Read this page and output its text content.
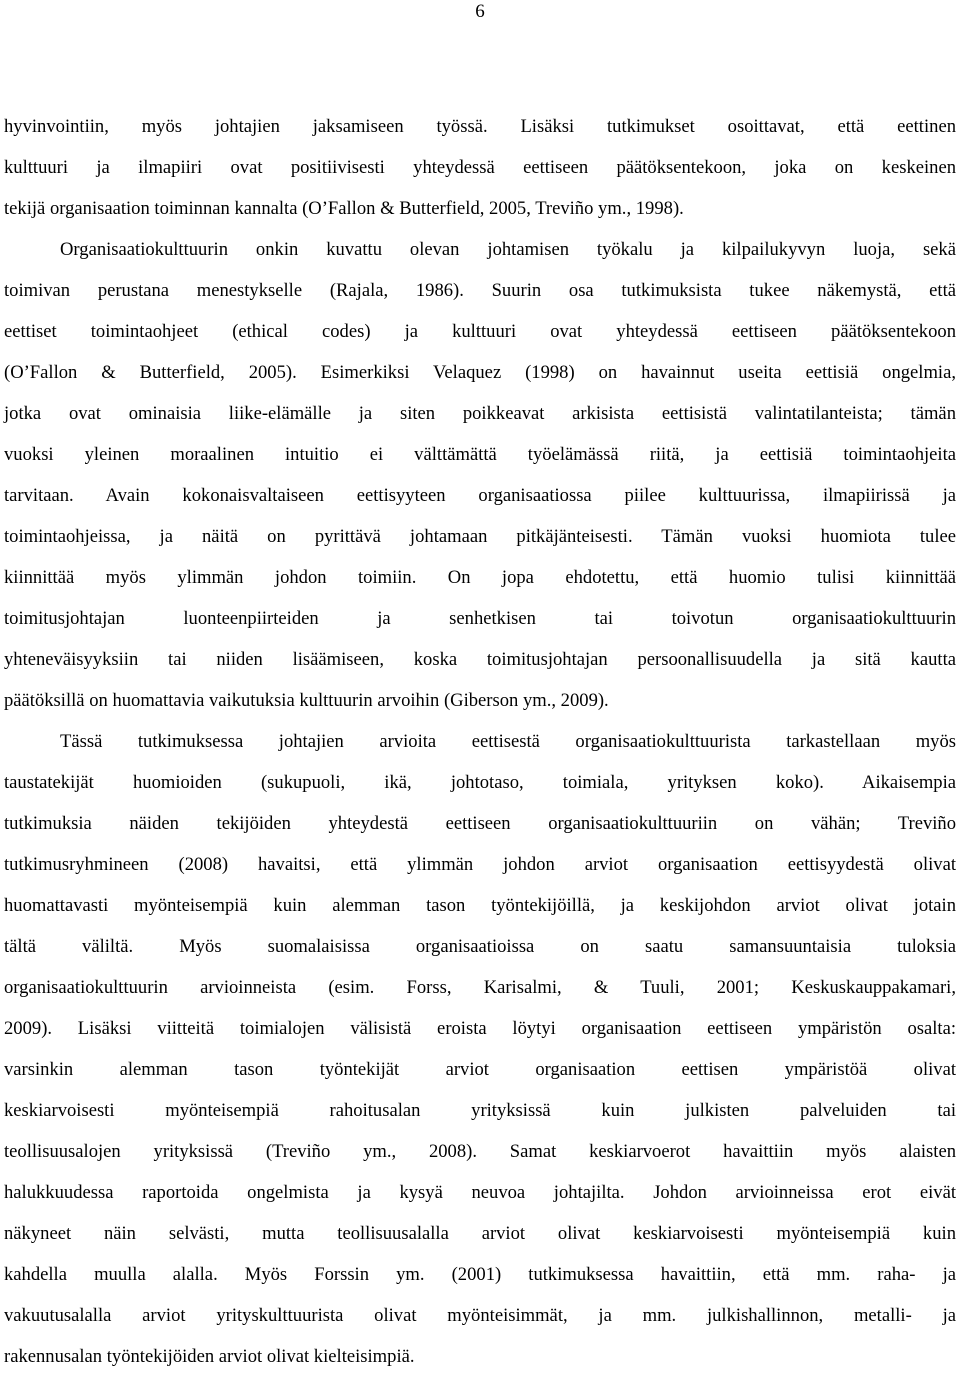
6
hyvinvointiin, myös johtajien jaksamiseen työssä. Lisäksi tutkimukset osoittavat, että eettinen
kulttuuri ja ilmapiiri ovat positiivisesti yhteydessä eettiseen päätöksentekoon, joka on keskeinen
tekijä organisaation toiminnan kannalta (O’Fallon & Butterfield, 2005, Treviño ym., 1998).
Organisaatiokulttuurin onkin kuvattu olevan johtamisen työkalu ja kilpailukyvyn luoja, sekä
toimivan perustana menestykselle (Rajala, 1986). Suurin osa tutkimuksista tukee näkemystä, että
eettiset toimintaohjeet (ethical codes) ja kulttuuri ovat yhteydessä eettiseen päätöksentekoon
(O’Fallon & Butterfield, 2005). Esimerkiksi Velaquez (1998) on havainnut useita eettisiä ongelmia,
jotka ovat ominaisia liike-elämälle ja siten poikkeavat arkisista eettisistä valintatilanteista; tämän
vuoksi yleinen moraalinen intuitio ei välttämättä työelämässä riitä, ja eettisiä toimintaohjeita
tarvitaan. Avain kokonaisvaltaiseen eettisyyteen organisaatiossa piilee kulttuurissa, ilmapiirissä ja
toimintaohjeissa, ja näitä on pyrittävä johtamaan pitkäjänteisesti. Tämän vuoksi huomiota tulee
kiinnittää myös ylimmän johdon toimiin. On jopa ehdotettu, että huomio tulisi kiinnittää
toimitusjohtajan luonteenpiirteiden ja senhetkisen tai toivotun organisaatiokulttuurin
yhteneväisyyksiin tai niiden lisäämiseen, koska toimitusjohtajan persoonallisuudella ja sitä kautta
päätöksillä on huomattavia vaikutuksia kulttuurin arvoihin (Giberson ym., 2009).
Tässä tutkimuksessa johtajien arvioita eettisestä organisaatiokulttuurista tarkastellaan myös
taustatekijät huomioiden (sukupuoli, ikä, johtotaso, toimiala, yrityksen koko). Aikaisempia
tutkimuksia näiden tekijöiden yhteydestä eettiseen organisaatiokulttuuriin on vähän; Treviño
tutkimusryhmineen (2008) havaitsi, että ylimmän johdon arviot organisaation eettisyydestä olivat
huomattavasti myönteisempiä kuin alemman tason työntekijöillä, ja keskijohdon arviot olivat jotain
tältä väliltä. Myös suomalaisissa organisaatioissa on saatu samansuuntaisia tuloksia
organisaatiokulttuurin arvioinneista (esim. Forss, Karisalmi, & Tuuli, 2001; Keskuskauppakamari,
2009). Lisäksi viitteitä toimialojen välisistä eroista löytyi organisaation eettiseen ympäristön osalta:
varsinkin alemman tason työntekijät arviot organisaation eettisen ympäristöä olivat
keskiarvoisesti myönteisempiä rahoitusalan yrityksissä kuin julkisten palveluiden tai
teollisuusalojen yrityksissä (Treviño ym., 2008). Samat keskiarvoerot havaittiin myös alaisten
halukkuudessa raportoida ongelmista ja kysyä neuvoa johtajilta. Johdon arvioinneissa erot eivät
näkyneet näin selvästi, mutta teollisuusalalla arviot olivat keskiarvoisesti myönteisempiä kuin
kahdella muulla alalla. Myös Forssin ym. (2001) tutkimuksessa havaittiin, että mm. raha- ja
vakuutusalalla arviot yrityskulttuurista olivat myönteisimmät, ja mm. julkishallinnon, metalli- ja
rakennusalan työntekijöiden arviot olivat kielteisimpiä.
